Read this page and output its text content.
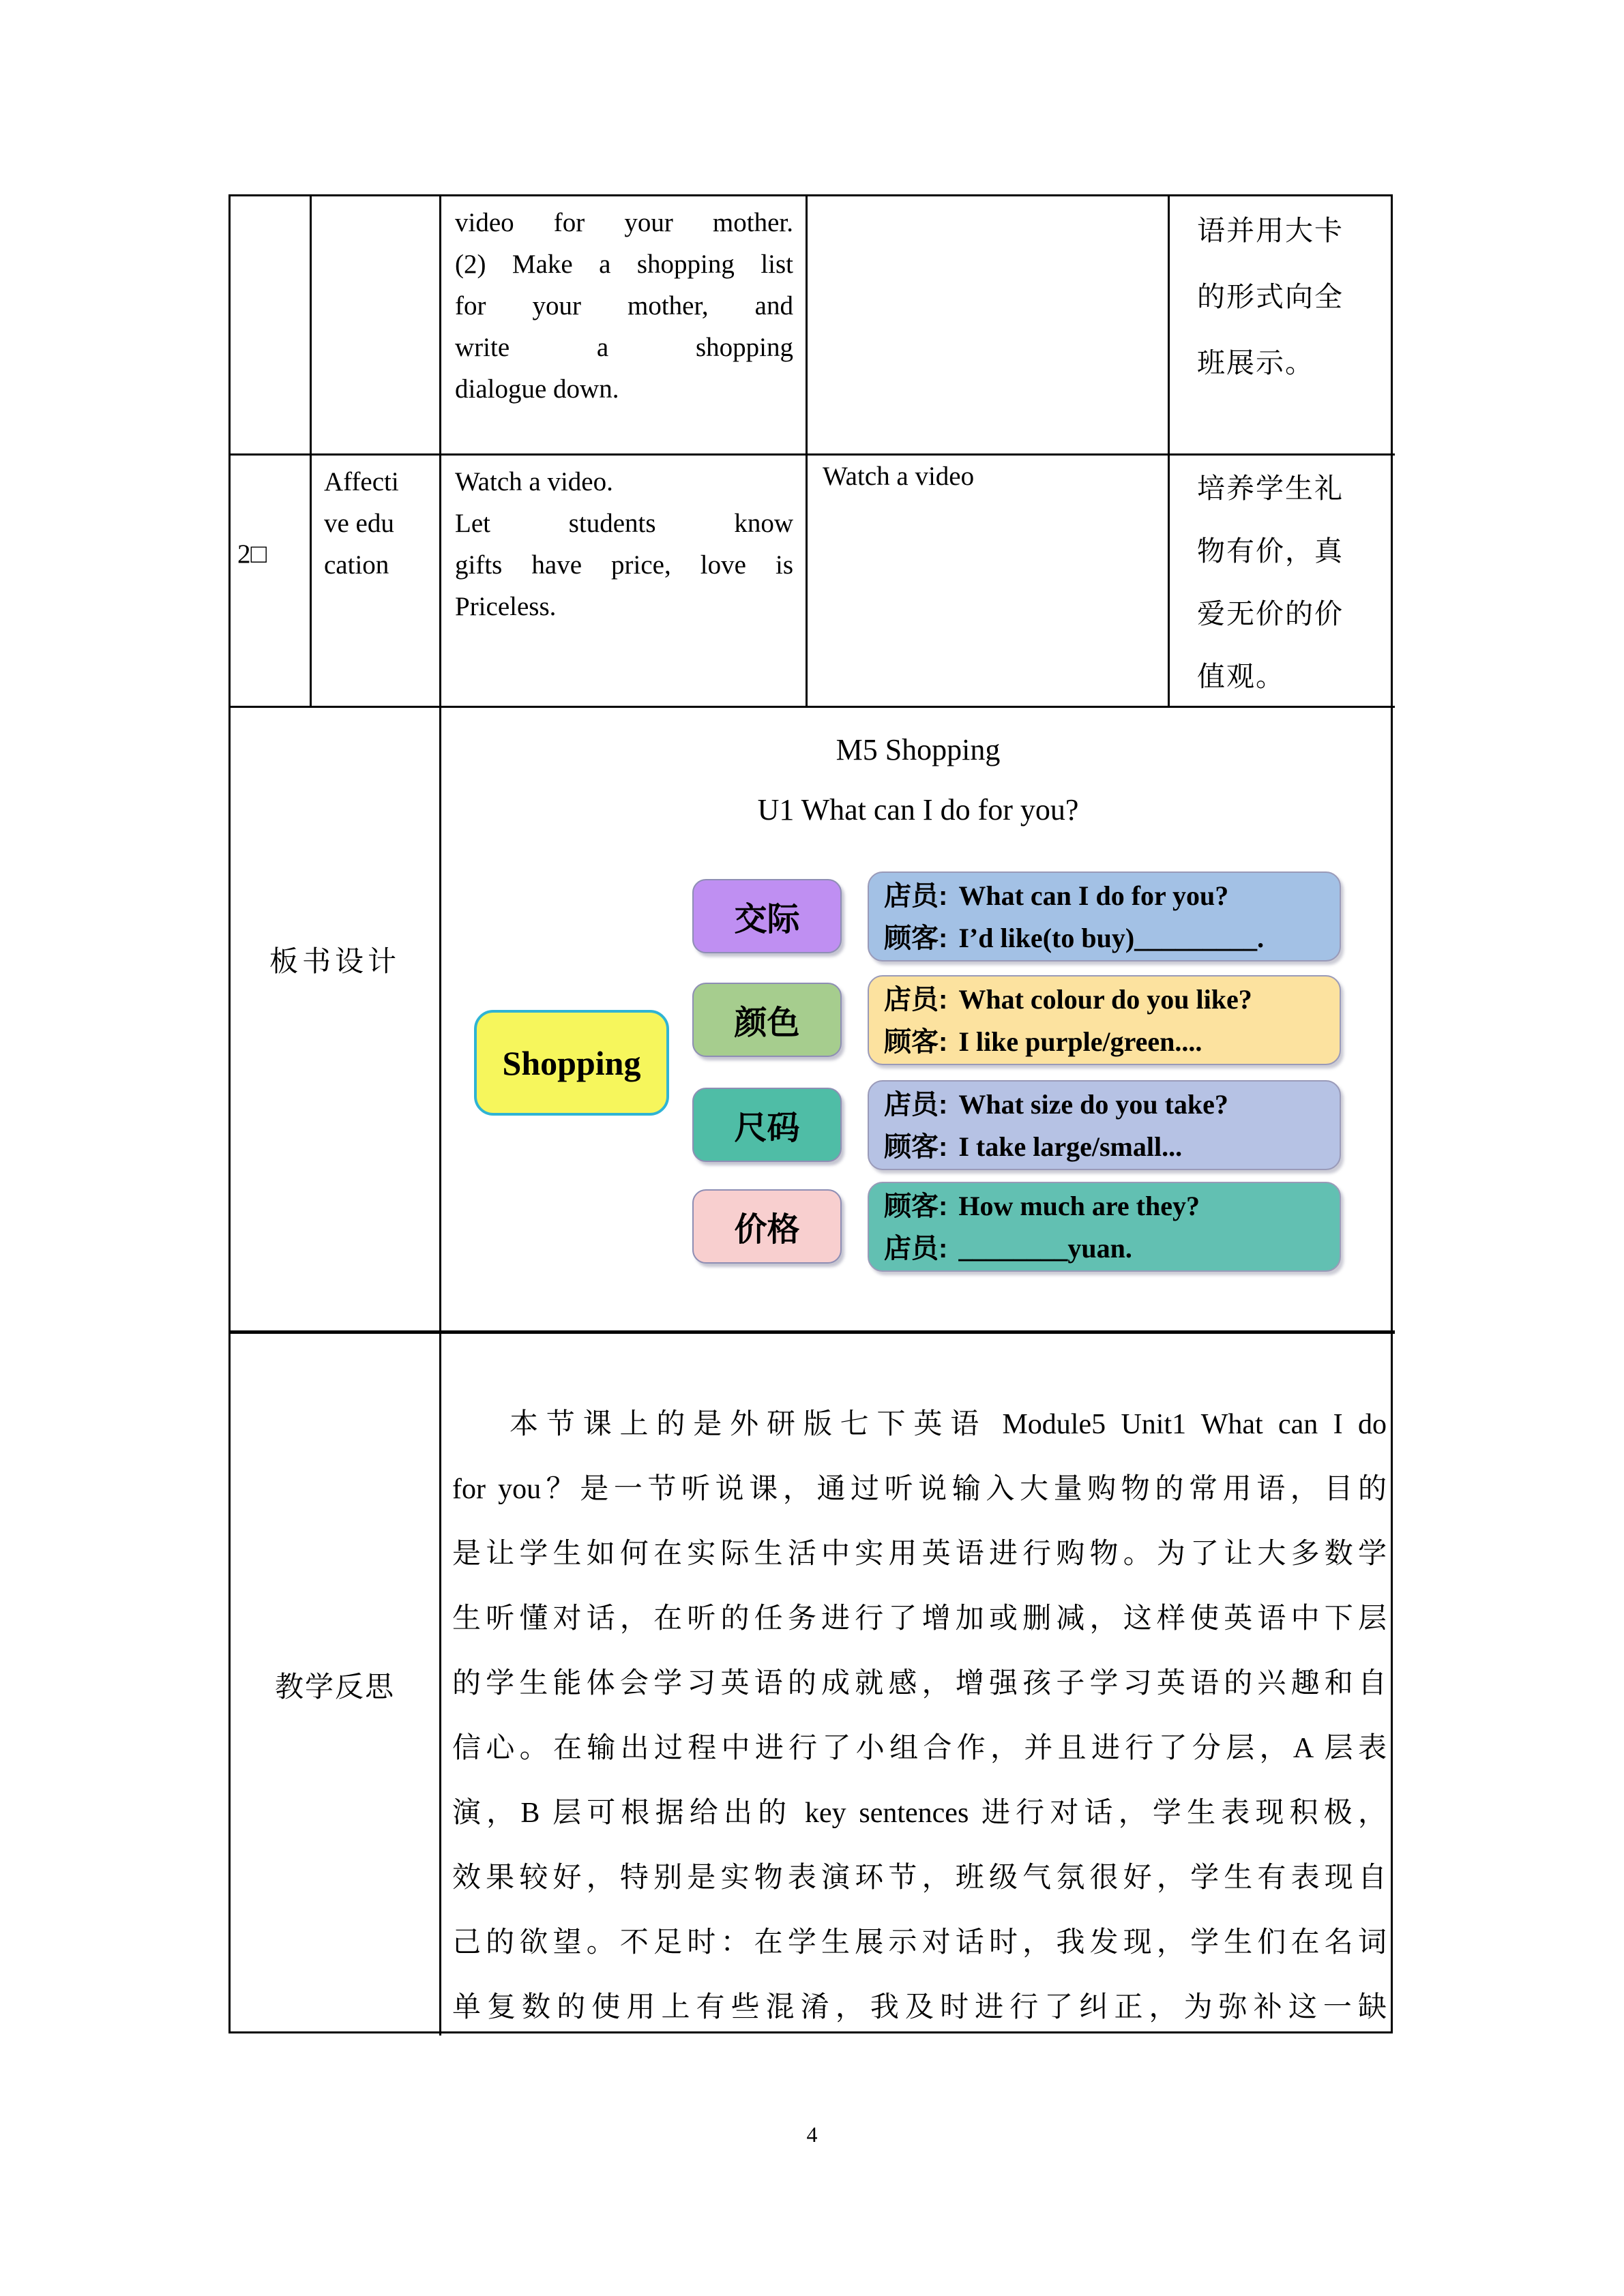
video for your mother.
(2) Make a shopping list
for your mother, and
write a shopping
dialogue down.
语并用大卡
的形式向全
班展示。
2□
Affective education
Watch a video.
Let students know
gifts have price, love is
Priceless.
Watch a video	培养学生礼
物有价，真
爱无价的价
值观。
板书设计
M5 Shopping
U1 What can I do for you?
Shopping
交际
店员: What can I do for you?
顾客: I’d like(to buy)_________.
颜色
店员: What colour do you like?
顾客: I like purple/green....
尺码
店员: What size do you take?
顾客: I take large/small...
价格
顾客: How much are they?
店员: ________yuan.
教学反思
本节课上的是外研版七下英语 Module5 Unit1 What can I do
for you？是一节听说课，通过听说输入大量购物的常用语，目的
是让学生如何在实际生活中实用英语进行购物。为了让大多数学
生听懂对话，在听的任务进行了增加或删减，这样使英语中下层
的学生能体会学习英语的成就感，增强孩子学习英语的兴趣和自
信心。在输出过程中进行了小组合作，并且进行了分层，A 层表
演，B 层可根据给出的 key sentences 进行对话，学生表现积极，
效果较好，特别是实物表演环节，班级气氛很好，学生有表现自
己的欲望。不足时：在学生展示对话时，我发现，学生们在名词
单复数的使用上有些混淆，我及时进行了纠正，为弥补这一缺
4
